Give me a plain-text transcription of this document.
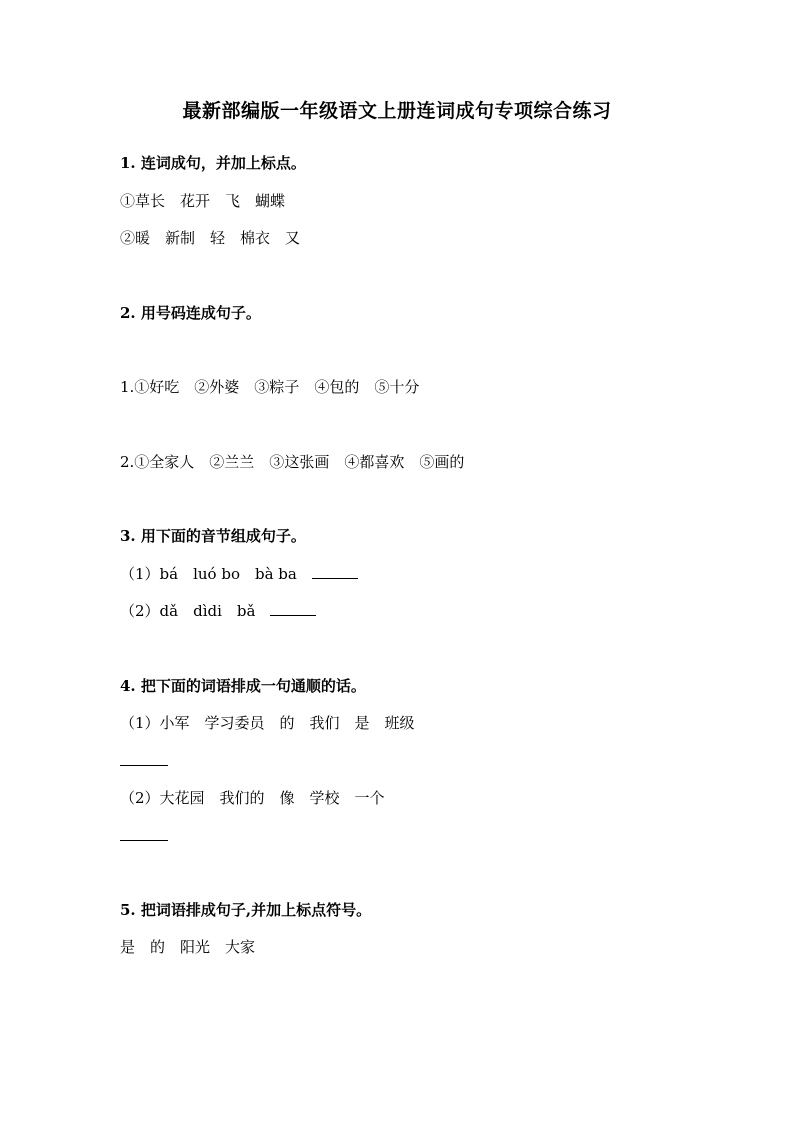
最新部编版一年级语文上册连词成句专项综合练习
1. 连词成句，并加上标点。
①草长　花开　飞　蝴蝶
②暖　新制　轻　棉衣　又
2. 用号码连成句子。
1.①好吃　②外婆　③粽子　④包的　⑤十分
2.①全家人　②兰兰　③这张画　④都喜欢　⑤画的
3. 用下面的音节组成句子。
（1）bá　luó bo　bà ba　
（2）dǎ　dìdi　bǎ　
4. 把下面的词语排成一句通顺的话。
（1）小军　学习委员　的　我们　是　班级
（2）大花园　我们的　像　学校　一个
5. 把词语排成句子,并加上标点符号。
是　的　阳光　大家
